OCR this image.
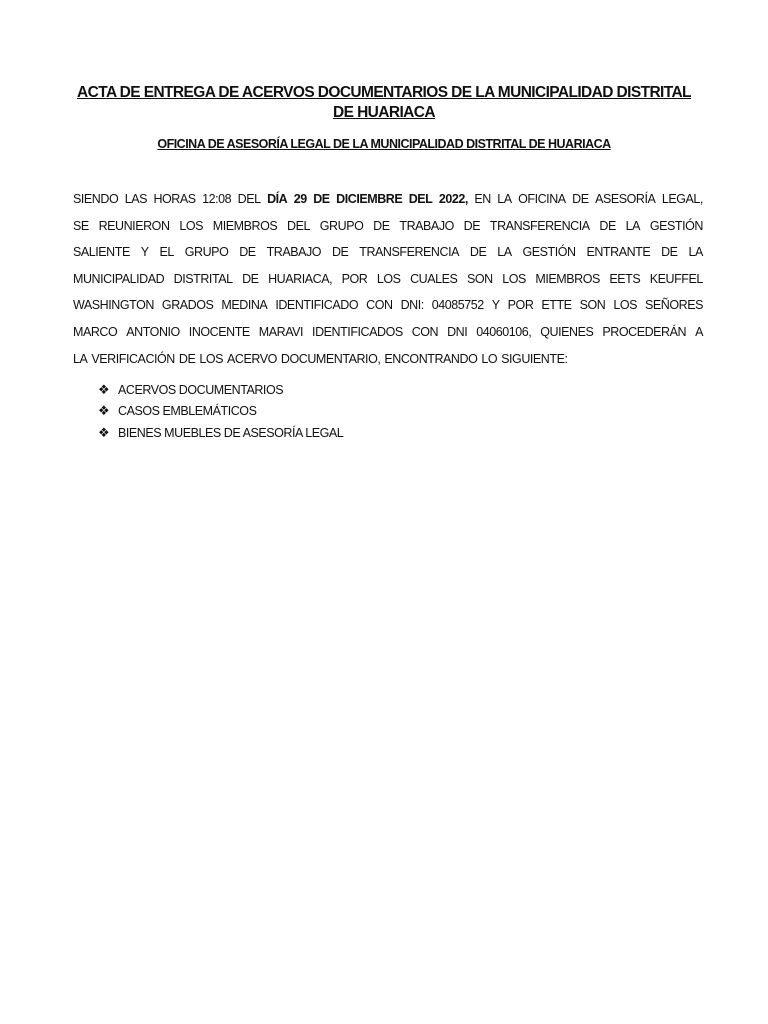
ACTA DE ENTREGA DE ACERVOS DOCUMENTARIOS DE LA MUNICIPALIDAD DISTRITAL
DE HUARIACA
OFICINA DE ASESORÍA LEGAL DE LA MUNICIPALIDAD DISTRITAL DE HUARIACA
SIENDO LAS HORAS 12:08 DEL DÍA 29 DE DICIEMBRE DEL 2022, EN LA OFICINA DE ASESORÍA LEGAL,
SE REUNIERON LOS MIEMBROS DEL GRUPO DE TRABAJO DE TRANSFERENCIA DE LA GESTIÓN
SALIENTE Y EL GRUPO DE TRABAJO DE TRANSFERENCIA DE LA GESTIÓN ENTRANTE DE LA
MUNICIPALIDAD DISTRITAL DE HUARIACA, POR LOS CUALES SON LOS MIEMBROS EETS KEUFFEL
WASHINGTON GRADOS MEDINA IDENTIFICADO CON DNI: 04085752 Y POR ETTE SON LOS SEÑORES
MARCO ANTONIO INOCENTE MARAVI IDENTIFICADOS CON DNI 04060106, QUIENES PROCEDERÁN A
LA VERIFICACIÓN DE LOS ACERVO DOCUMENTARIO, ENCONTRANDO LO SIGUIENTE:
❖ ACERVOS DOCUMENTARIOS
❖ CASOS EMBLEMÁTICOS
❖ BIENES MUEBLES DE ASESORÍA LEGAL
